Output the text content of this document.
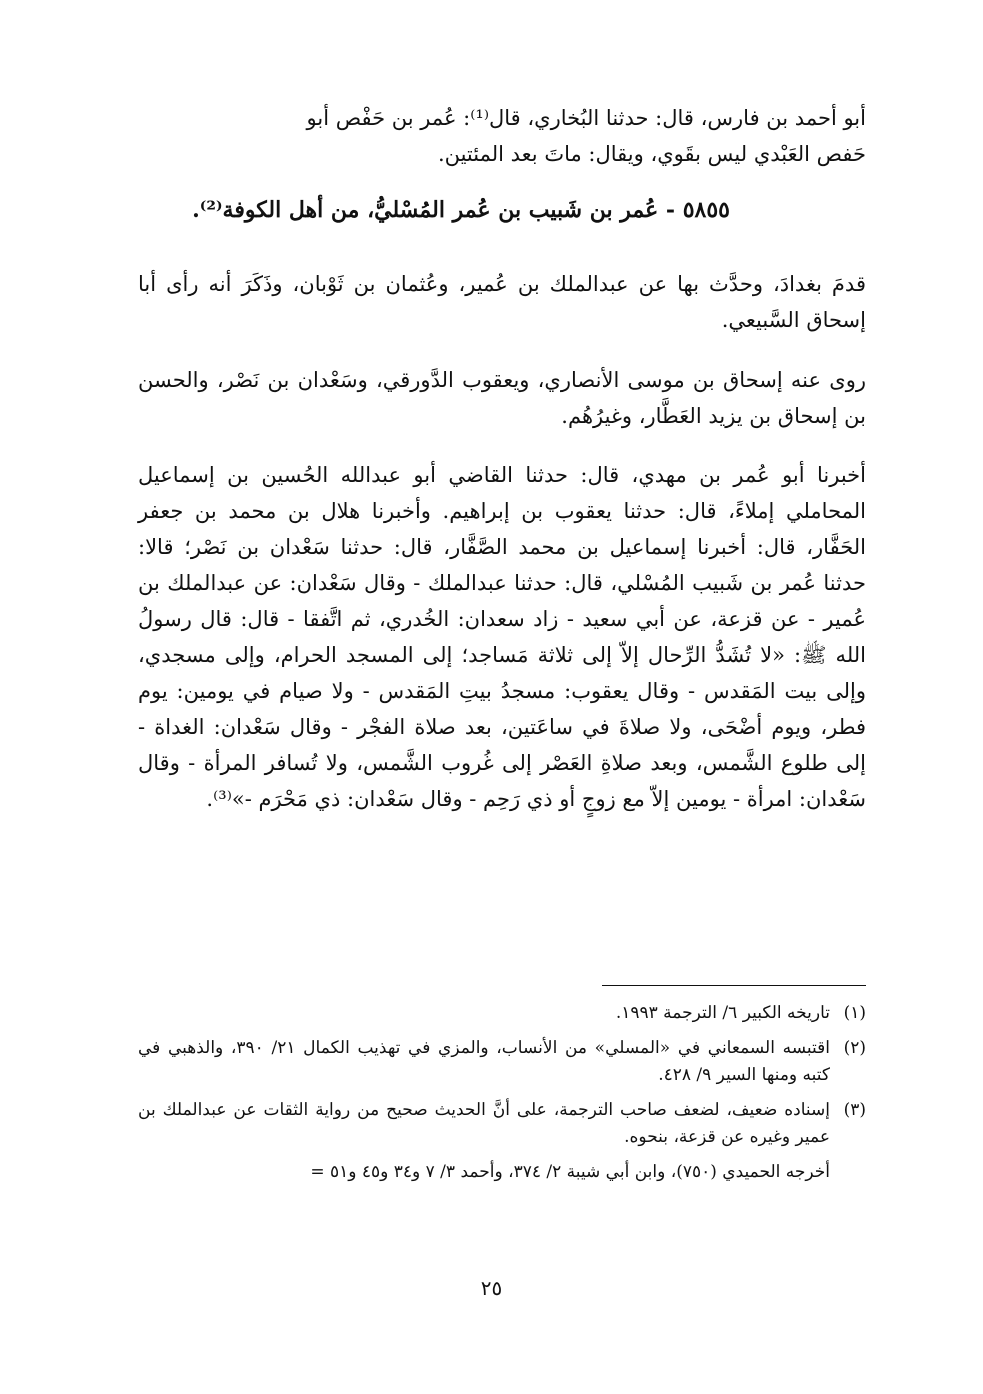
أبو أحمد بن فارس، قال: حدثنا البُخاري، قال⁽¹⁾: عُمر بن حَفْص أبو

حَفص العَبْدي ليس بقَوي، ويقال: ماتَ بعد المئتين.

٥٨٥٥ - عُمر بن شَبيب بن عُمر المُسْليُّ، من أهل الكوفة⁽²⁾.

قدمَ بغدادَ، وحدَّث بها عن عبدالملك بن عُمير، وعُثمان بن ثَوْبان، وذَكَرَ أنه رأى أبا إسحاق السَّبيعي.

روى عنه إسحاق بن موسى الأنصاري، ويعقوب الدَّورقي، وسَعْدان بن نَصْر، والحسن بن إسحاق بن يزيد العَطَّار، وغيرُهُم.

أخبرنا أبو عُمر بن مهدي، قال: حدثنا القاضي أبو عبدالله الحُسين بن إسماعيل المحاملي إملاءً، قال: حدثنا يعقوب بن إبراهيم. وأخبرنا هلال بن محمد بن جعفر الحَفَّار، قال: أخبرنا إسماعيل بن محمد الصَّفَّار، قال: حدثنا سَعْدان بن نَصْر؛ قالا: حدثنا عُمر بن شَبيب المُسْلي، قال: حدثنا عبدالملك - وقال سَعْدان: عن عبدالملك بن عُمير - عن قزعة، عن أبي سعيد - زاد سعدان: الخُدري، ثم اتَّفقا - قال: قال رسولُ الله ﷺ: «لا تُشَدُّ الرِّحال إلاّ إلى ثلاثة مَساجد؛ إلى المسجد الحرام، وإلى مسجدي، وإلى بيت المَقدس - وقال يعقوب: مسجدُ بيتِ المَقدس - ولا صيام في يومين: يوم فطر، ويوم أضْحَى، ولا صلاةَ في ساعَتين، بعد صلاة الفجْر - وقال سَعْدان: الغداة - إلى طلوع الشَّمس، وبعد صلاةِ العَصْر إلى غُروب الشَّمس، ولا تُسافر المرأة - وقال سَعْدان: امرأة - يومين إلاّ مع زوجٍ أو ذي رَحِم - وقال سَعْدان: ذي مَحْرَم -»⁽³⁾.

(١)
تاريخه الكبير ٦/ الترجمة ١٩٩٣.
(٢)
اقتبسه السمعاني في «المسلي» من الأنساب، والمزي في تهذيب الكمال ٢١/ ٣٩٠، والذهبي في كتبه ومنها السير ٩/ ٤٢٨.
(٣)
إسناده ضعيف، لضعف صاحب الترجمة، على أنَّ الحديث صحيح من رواية الثقات عن عبدالملك بن عمير وغيره عن قزعة، بنحوه.
أخرجه الحميدي (٧٥٠)، وابن أبي شيبة ٢/ ٣٧٤، وأحمد ٣/ ٧ و٣٤ و٤٥ و٥١ =
٢٥
